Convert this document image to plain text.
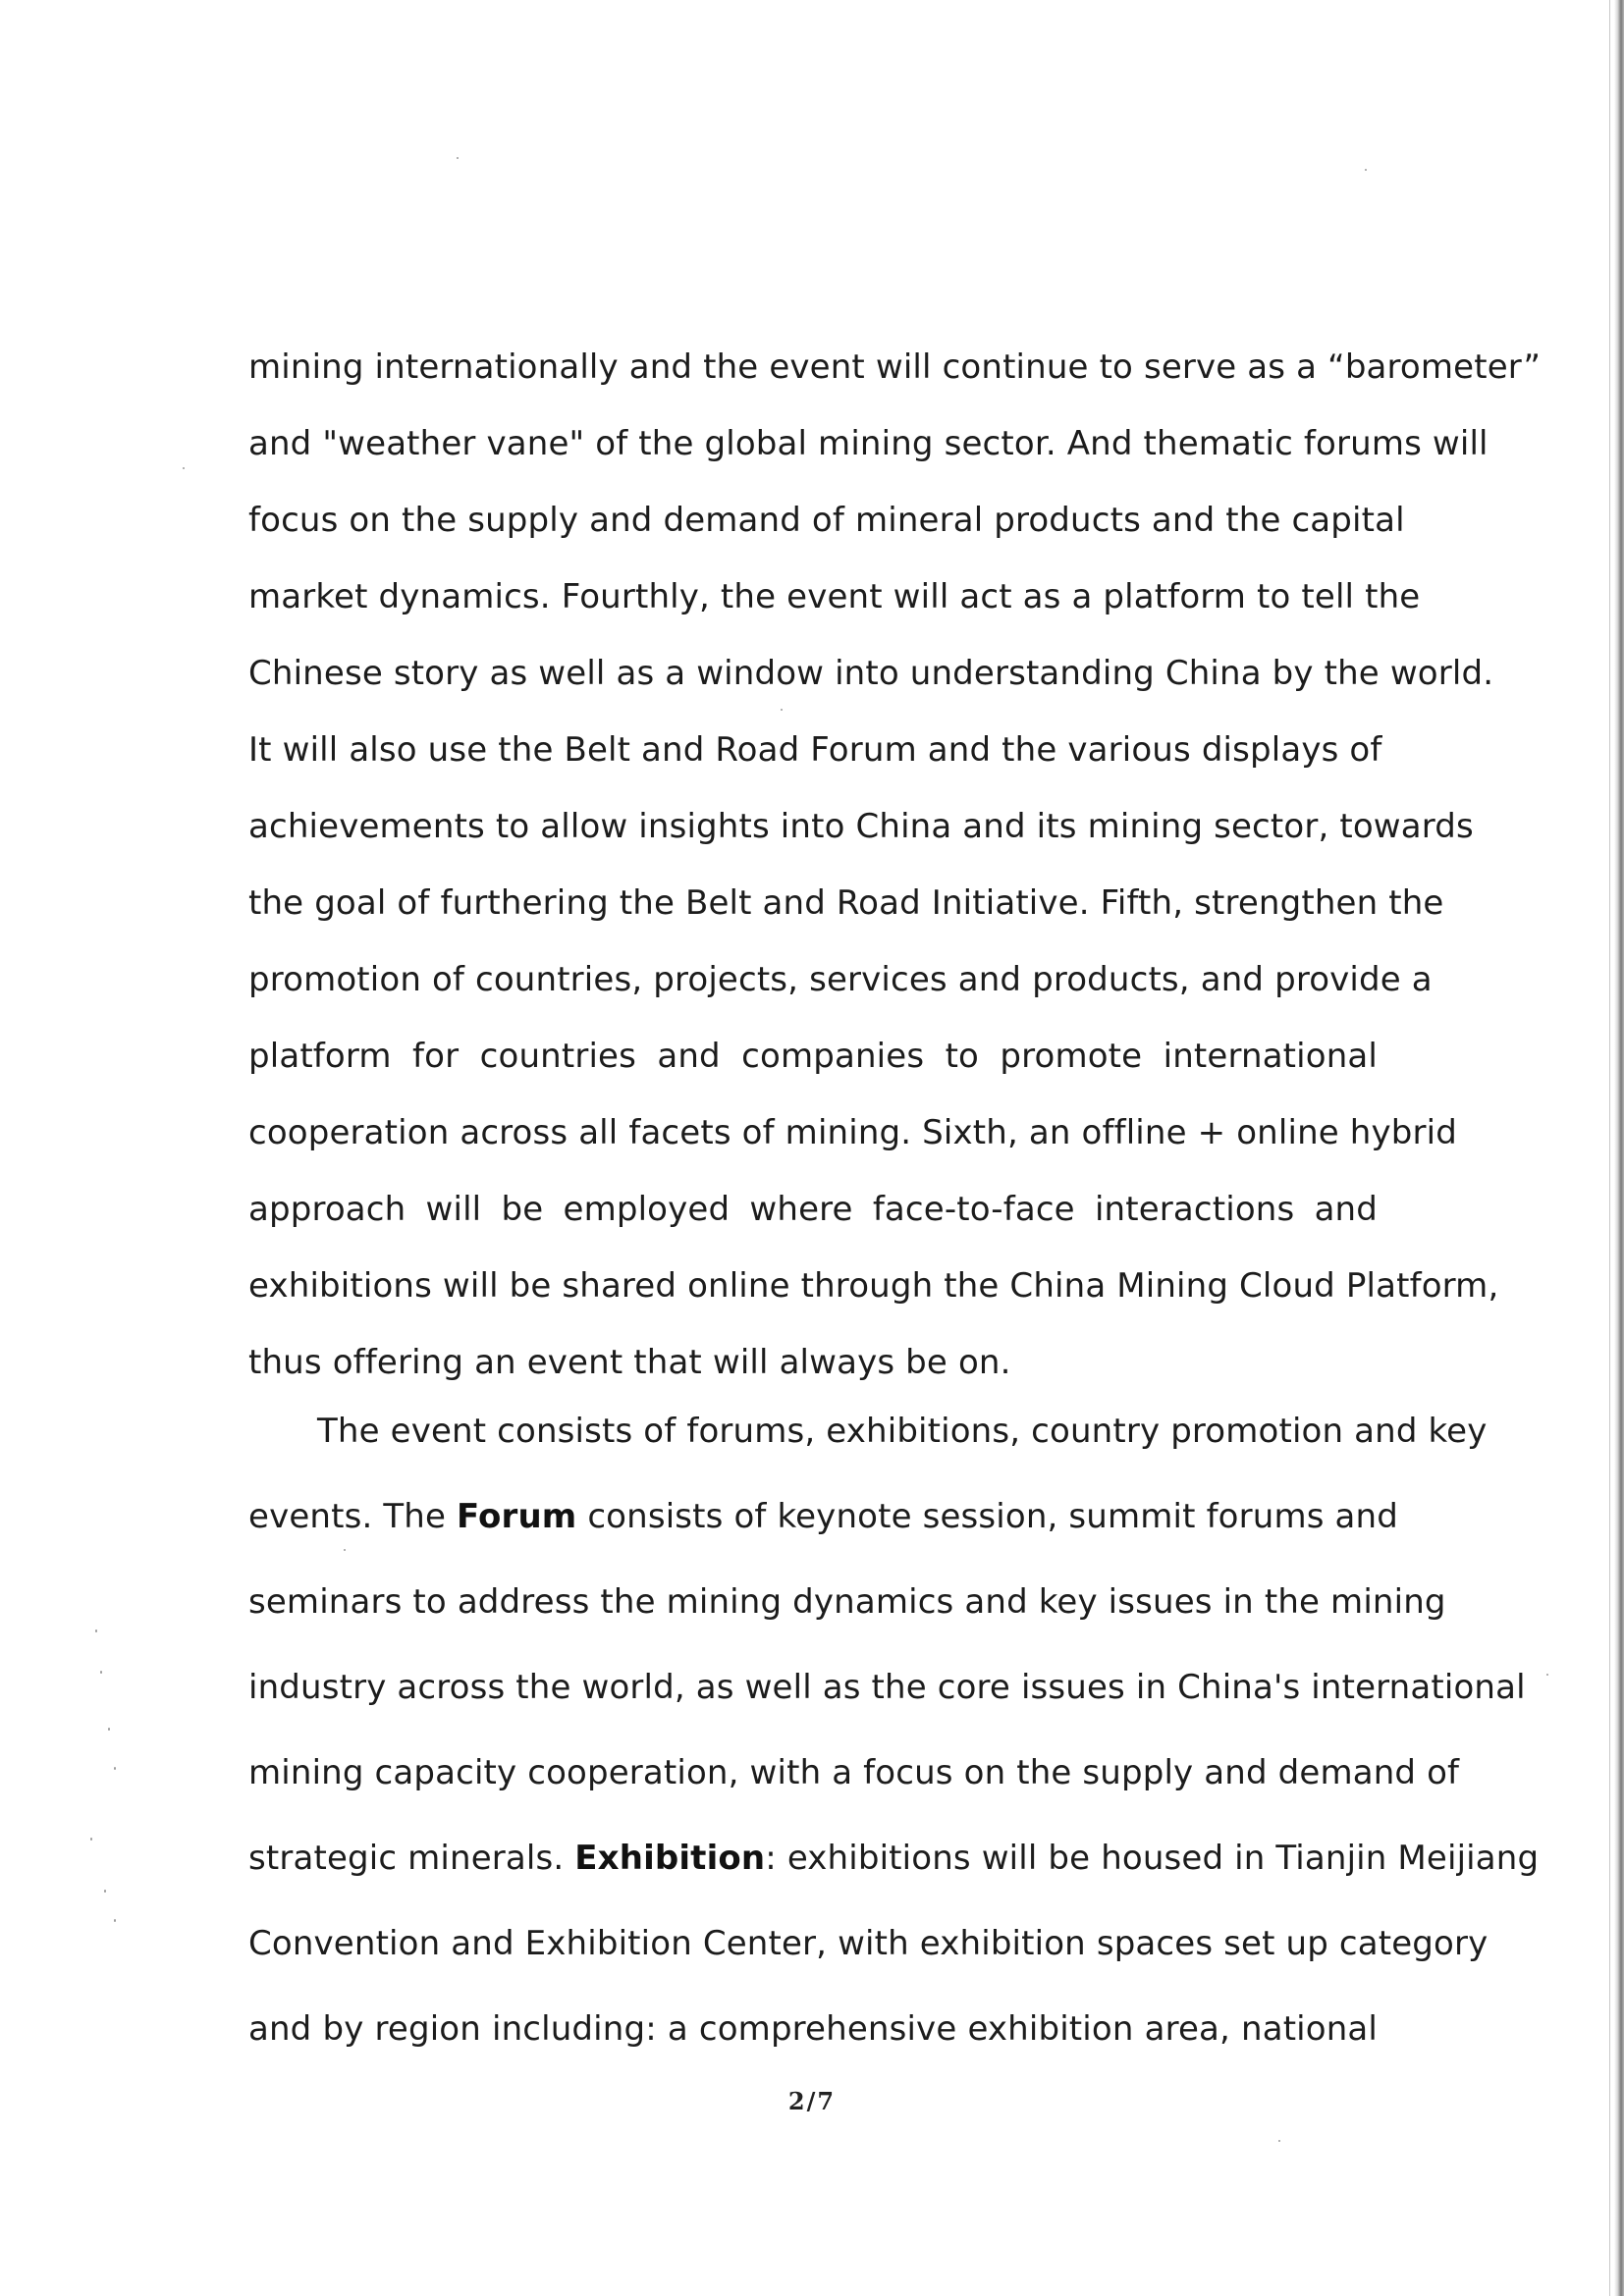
mining internationally and the event will continue to serve as a “barometer”

and "weather vane" of the global mining sector. And thematic forums will

focus on the supply and demand of mineral products and the capital

market dynamics. Fourthly, the event will act as a platform to tell the

Chinese story as well as a window into understanding China by the world.

It will also use the Belt and Road Forum and the various displays of

achievements to allow insights into China and its mining sector, towards

the goal of furthering the Belt and Road Initiative. Fifth, strengthen the

promotion of countries, projects, services and products, and provide a

platform for countries and companies to promote international

cooperation across all facets of mining. Sixth, an offline + online hybrid

approach will be employed where face-to-face interactions and

exhibitions will be shared online through the China Mining Cloud Platform,

thus offering an event that will always be on.

The event consists of forums, exhibitions, country promotion and key

events. The Forum consists of keynote session, summit forums and

seminars to address the mining dynamics and key issues in the mining

industry across the world, as well as the core issues in China's international

mining capacity cooperation, with a focus on the supply and demand of

strategic minerals. Exhibition: exhibitions will be housed in Tianjin Meijiang

Convention and Exhibition Center, with exhibition spaces set up category

and by region including: a comprehensive exhibition area, national

2/7
